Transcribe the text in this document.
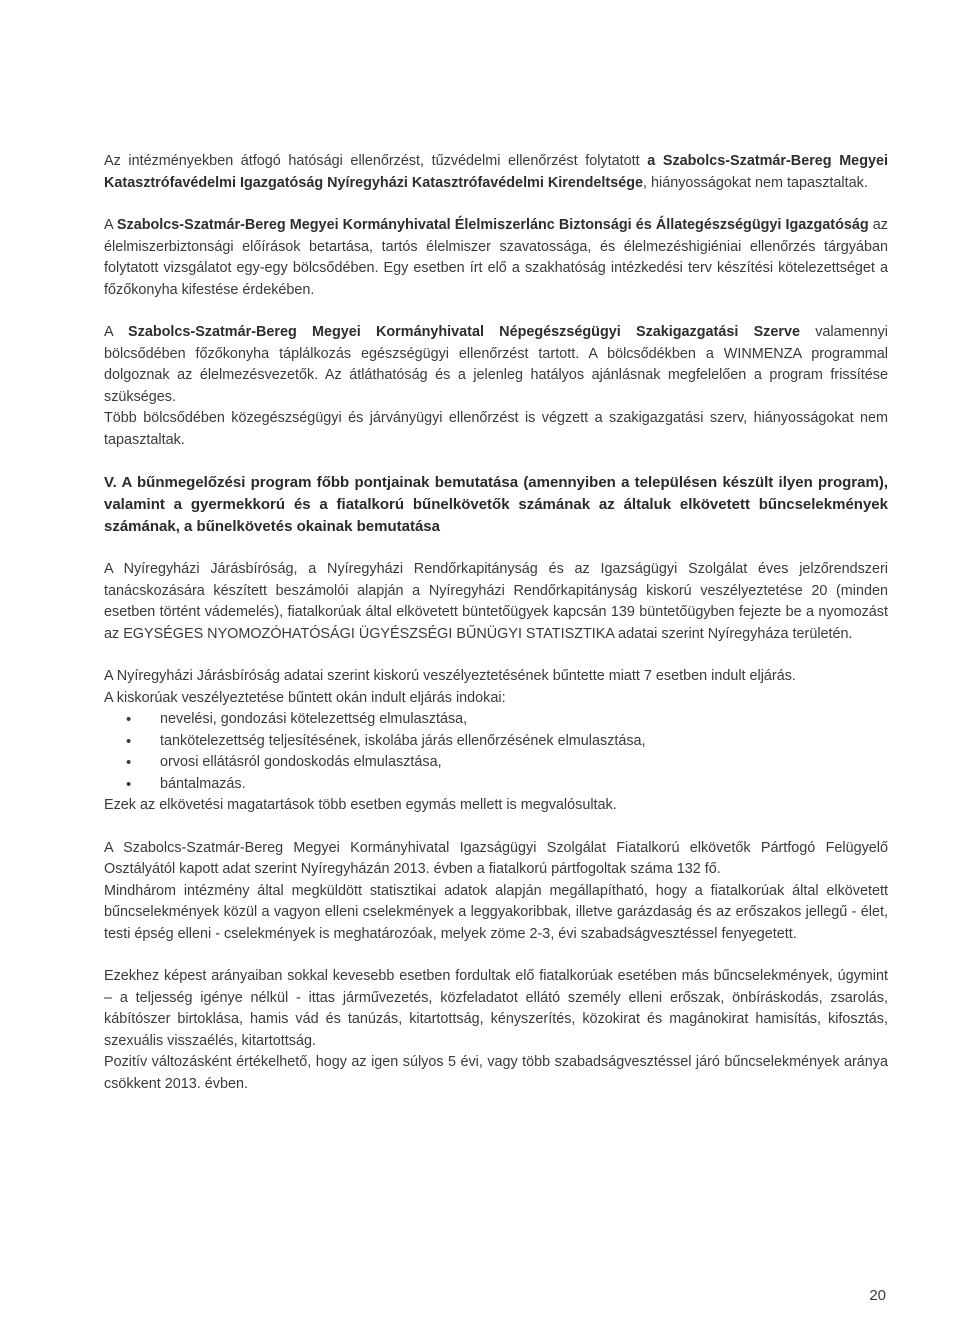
Az intézményekben átfogó hatósági ellenőrzést, tűzvédelmi ellenőrzést folytatott a Szabolcs-Szatmár-Bereg Megyei Katasztrófavédelmi Igazgatóság Nyíregyházi Katasztrófavédelmi Kirendeltsége, hiányosságokat nem tapasztaltak.

A Szabolcs-Szatmár-Bereg Megyei Kormányhivatal Élelmiszerlánc Biztonsági és Állategészségügyi Igazgatóság az élelmiszerbiztonsági előírások betartása, tartós élelmiszer szavatossága, és élelmezéshigiéniai ellenőrzés tárgyában folytatott vizsgálatot egy-egy bölcsődében. Egy esetben írt elő a szakhatóság intézkedési terv készítési kötelezettséget a főzőkonyha kifestése érdekében.

A Szabolcs-Szatmár-Bereg Megyei Kormányhivatal Népegészségügyi Szakigazgatási Szerve valamennyi bölcsődében főzőkonyha táplálkozás egészségügyi ellenőrzést tartott. A bölcsődékben a WINMENZA programmal dolgoznak az élelmezésvezetők. Az átláthatóság és a jelenleg hatályos ajánlásnak megfelelően a program frissítése szükséges.

Több bölcsődében közegészségügyi és járványügyi ellenőrzést is végzett a szakigazgatási szerv, hiányosságokat nem tapasztaltak.

V. A bűnmegelőzési program főbb pontjainak bemutatása (amennyiben a településen készült ilyen program), valamint a gyermekkorú és a fiatalkorú bűnelkövetők számának az általuk elkövetett bűncselekmények számának, a bűnelkövetés okainak bemutatása

A Nyíregyházi Járásbíróság, a Nyíregyházi Rendőrkapitányság és az Igazságügyi Szolgálat éves jelzőrendszeri tanácskozására készített beszámolói alapján a Nyíregyházi Rendőrkapitányság kiskorú veszélyeztetése 20 (minden esetben történt vádemelés), fiatalkorúak által elkövetett büntetőügyek kapcsán 139 büntetőügyben fejezte be a nyomozást az EGYSÉGES NYOMOZÓHATÓSÁGI ÜGYÉSZSÉGI BŰNÜGYI STATISZTIKA adatai szerint Nyíregyháza területén.

A Nyíregyházi Járásbíróság adatai szerint kiskorú veszélyeztetésének bűntette miatt 7 esetben indult eljárás.

A kiskorúak veszélyeztetése bűntett okán indult eljárás indokai:

• nevelési, gondozási kötelezettség elmulasztása,
• tankötelezettség teljesítésének, iskolába járás ellenőrzésének elmulasztása,
• orvosi ellátásról gondoskodás elmulasztása,
• bántalmazás.

Ezek az elkövetési magatartások több esetben egymás mellett is megvalósultak.

A Szabolcs-Szatmár-Bereg Megyei Kormányhivatal Igazságügyi Szolgálat Fiatalkorú elkövetők Pártfogó Felügyelő Osztályától kapott adat szerint Nyíregyházán 2013. évben a fiatalkorú pártfogoltak száma 132 fő.

Mindhárom intézmény által megküldött statisztikai adatok alapján megállapítható, hogy a fiatalkorúak által elkövetett bűncselekmények közül a vagyon elleni cselekmények a leggyakoribbak, illetve garázdaság és az erőszakos jellegű - élet, testi épség elleni - cselekmények is meghatározóak, melyek zöme 2-3, évi szabadságvesztéssel fenyegetett.

Ezekhez képest arányaiban sokkal kevesebb esetben fordultak elő fiatalkorúak esetében más bűncselekmények, úgymint – a teljesség igénye nélkül - ittas járművezetés, közfeladatot ellátó személy elleni erőszak, önbíráskodás, zsarolás, kábítószer birtoklása, hamis vád és tanúzás, kitartottság, kényszerítés, közokirat és magánokirat hamisítás, kifosztás, szexuális visszaélés, kitartottság.

Pozitív változásként értékelhető, hogy az igen súlyos 5 évi, vagy több szabadságvesztéssel járó bűncselekmények aránya csökkent 2013. évben.

20
